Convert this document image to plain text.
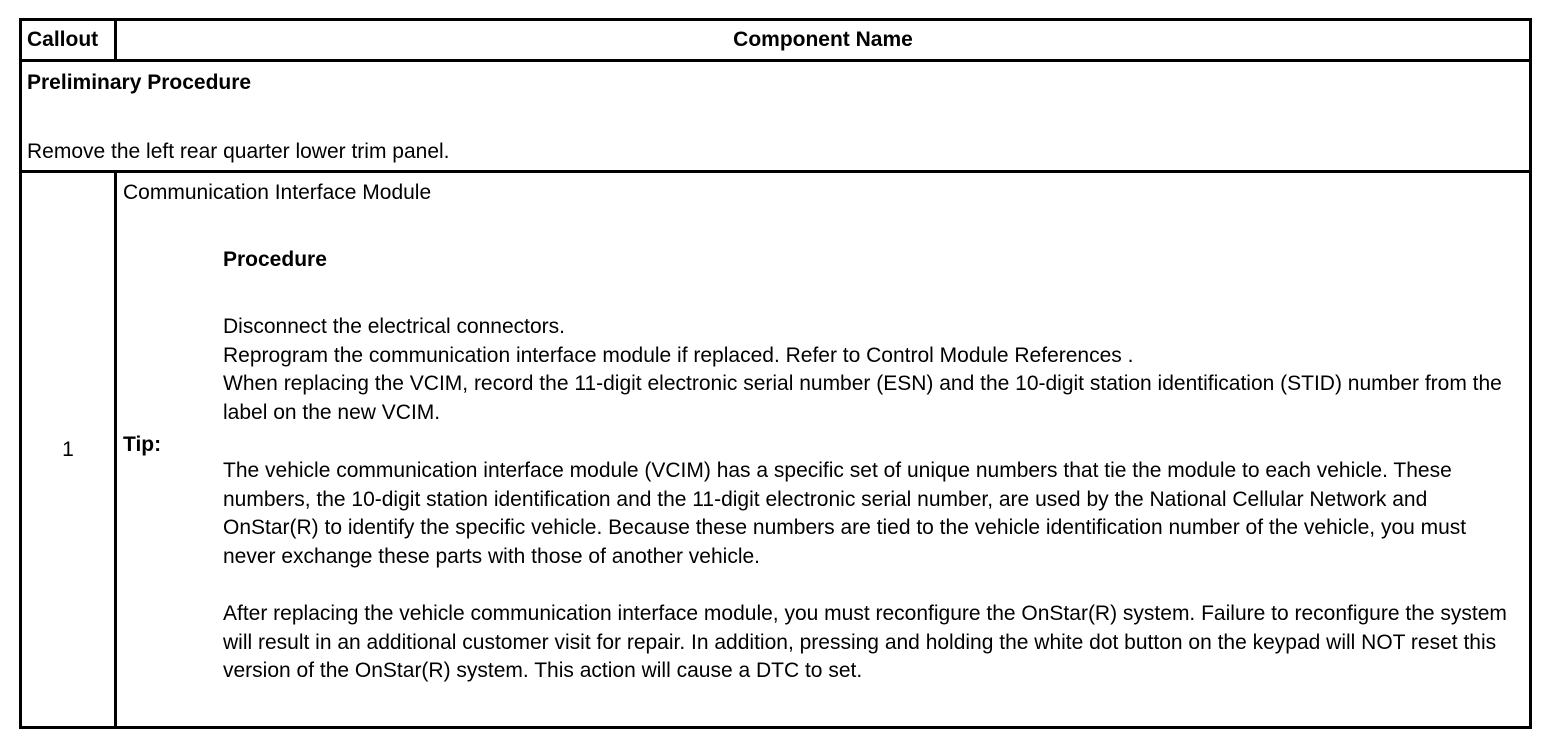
Callout	Component Name
Preliminary Procedure
Remove the left rear quarter lower trim panel.
1
Communication Interface Module
Procedure

Disconnect the electrical connectors.

Reprogram the communication interface module if replaced. Refer to Control Module References .

When replacing the VCIM, record the 11-digit electronic serial number (ESN) and the 10-digit station identification (STID) number from the label on the new VCIM.

Tip:

The vehicle communication interface module (VCIM) has a specific set of unique numbers that tie the module to each vehicle. These numbers, the 10-digit station identification and the 11-digit electronic serial number, are used by the National Cellular Network and OnStar(R) to identify the specific vehicle. Because these numbers are tied to the vehicle identification number of the vehicle, you must never exchange these parts with those of another vehicle.

After replacing the vehicle communication interface module, you must reconfigure the OnStar(R) system. Failure to reconfigure the system will result in an additional customer visit for repair. In addition, pressing and holding the white dot button on the keypad will NOT reset this version of the OnStar(R) system. This action will cause a DTC to set.
